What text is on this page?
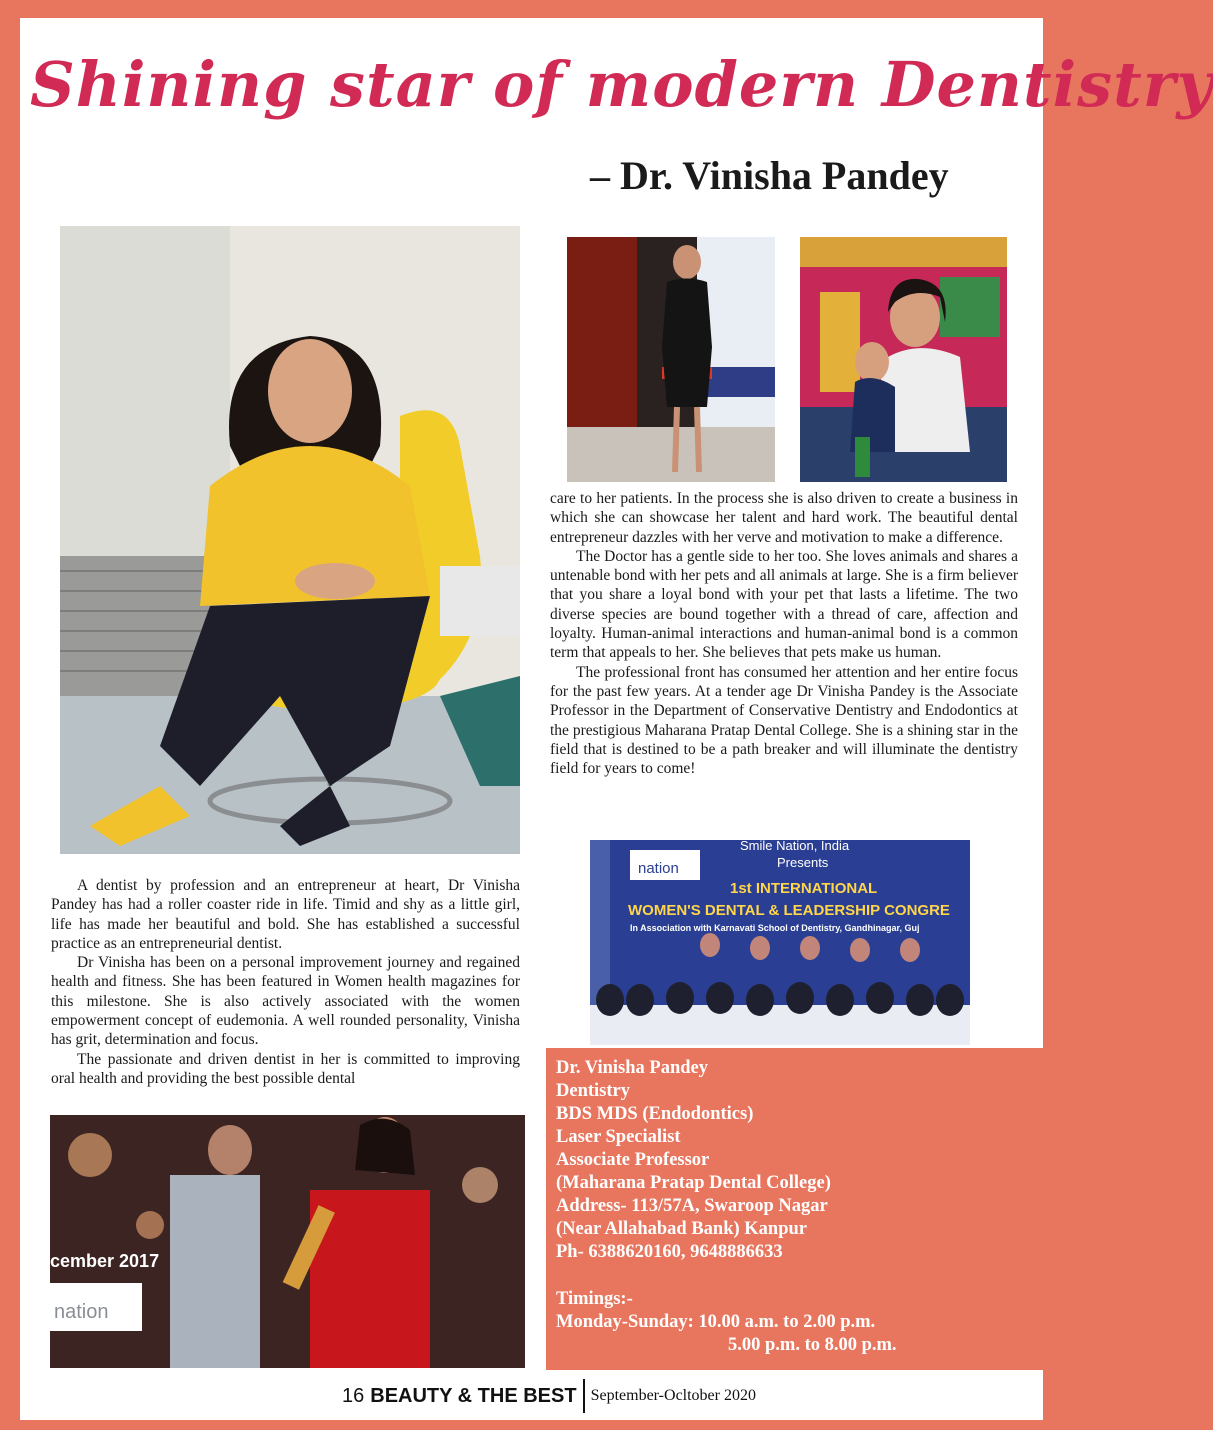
Shining star of modern Dentistry
– Dr. Vinisha Pandey
cember 2017
nation
Smile Nation, India
Presents
nation
1st INTERNATIONAL
WOMEN'S DENTAL & LEADERSHIP CONGRE
In Association with Karnavati School of Dentistry, Gandhinagar, Guj

A dentist by profession and an entrepreneur at heart, Dr Vinisha Pandey has had a roller coaster ride in life. Timid and shy as a little girl, life has made her beautiful and bold. She has established a successful practice as an entrepreneurial dentist.

Dr Vinisha has been on a personal improvement journey and regained health and fitness. She has been featured in Women health magazines for this milestone. She is also actively associated with the women empowerment concept of eudemonia. A well rounded personality, Vinisha has grit, determination and focus.

The passionate and driven dentist in her is committed to improving oral health and providing the best possible dental

care to her patients. In the process she is also driven to create a business in which she can showcase her talent and hard work. The beautiful dental entrepreneur dazzles with her verve and motivation to make a difference.

The Doctor has a gentle side to her too. She loves animals and shares a untenable bond with her pets and all animals at large. She is a firm believer that you share a loyal bond with your pet that lasts a lifetime. The two diverse species are bound together with a thread of care, affection and loyalty. Human-animal interactions and human-animal bond is a common term that appeals to her. She believes that pets make us human.

The professional front has consumed her attention and her entire focus for the past few years. At a tender age Dr Vinisha Pandey is the Associate Professor in the Department of Conservative Dentistry and Endodontics at the prestigious Maharana Pratap Dental College. She is a shining star in the field that is destined to be a path breaker and will illuminate the dentistry field for years to come!

Dr. Vinisha Pandey
Dentistry
BDS MDS (Endodontics)
Laser Specialist
Associate Professor
(Maharana Pratap Dental College)
Address- 113/57A, Swaroop Nagar
(Near Allahabad Bank) Kanpur
Ph- 6388620160, 9648886633
Timings:-
Monday-Sunday: 10.00 a.m. to 2.00 p.m.
5.00 p.m. to 8.00 p.m.
16 BEAUTY & THE BEST September-Ocltober 2020
